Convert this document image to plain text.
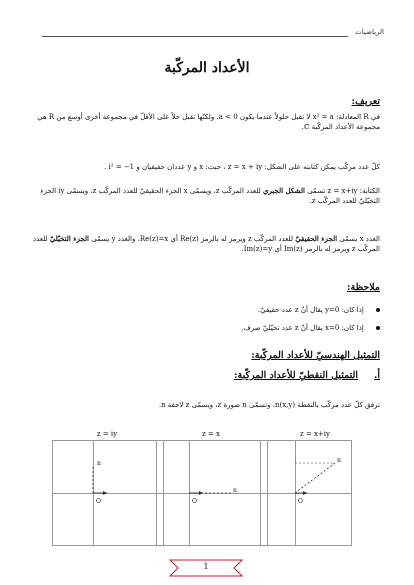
الرياضيات
الأعداد المركّبة
تعريف:
في R المعادلة: x² = a لا تقبل حلولاً عندما يكون a < 0. ولكنّها تقبل حلاً على الأقلّ في مجموعة أخرى أوسع من R هي مجموعة الأعداد المركّبة ℂ.
كلّ عدد مركّب يمكن كتابته على الشكل: z = x + iy ، حيث: x و y عددان حقيقيان و i² = −1 .
الكتابة: z = x+iy تسمّى الشكل الجبري للعدد المركّب z، ويسمّى x الجزء الحقيقيّ للعدد المركّب z، ويسمّى iy الجزء التخيّليّ للعدد المركّب z.
العدد x يسمّى الجزء الحقيقيّ للعدد المركّب z ويرمز له بالرمز Re(z) أي Re(z)=x، والعدد y يسمّى الجزء التخيّليّ للعدد المركّب z ويرمز له بالرمز Im(z) أي Im(z)=y.
ملاحظة:
إذا كان: y=0 يقال أنّ z عدد حقيقيّ.
إذا كان: x=0 يقال أنّ z عدد تخيّليّ صرف.
التمثيل الهندسيّ للأعداد المركّبة:
أ.
التمثيل النقطيّ للأعداد المركّبة:
نرفق كلّ عدد مركّب بالنقطة n(x,y)، وتسمّى n صورة z، ويسمّى z لاحقة n.
z = iy
n
O
z = x
n
O
z = x+iy
n
O
1
